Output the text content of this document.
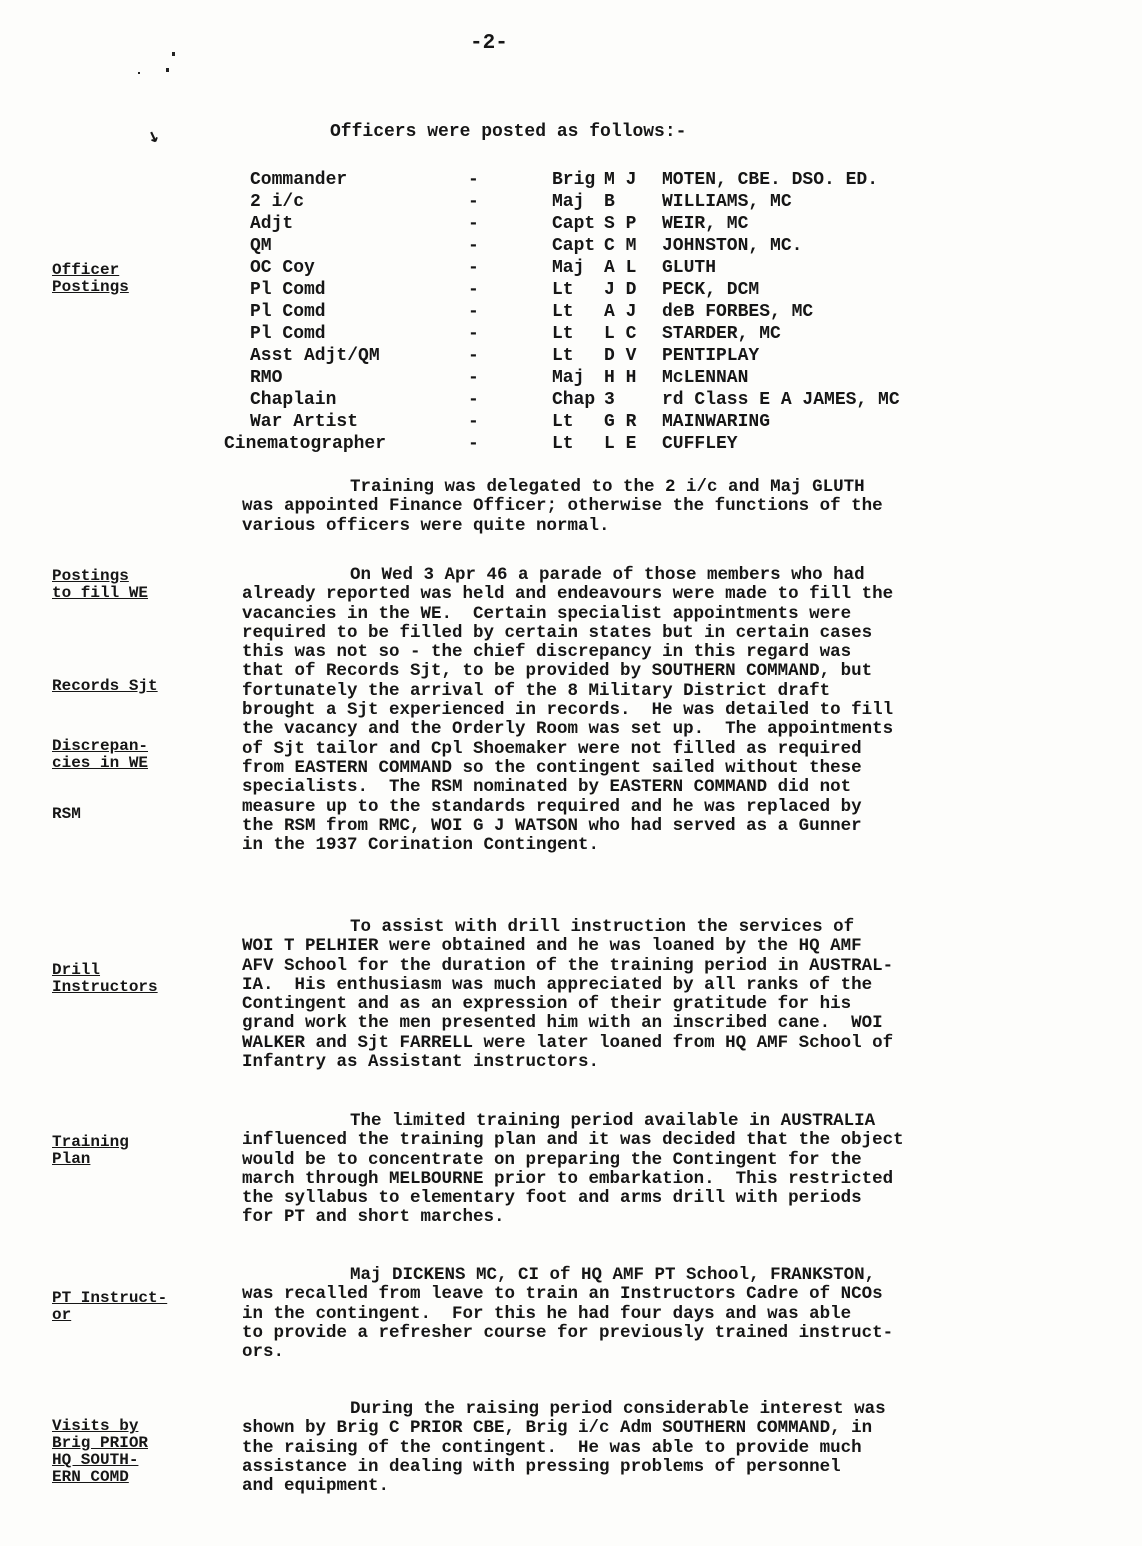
-2-
↘	Officers were posted as follows:-
Commander	-	Brig M J MOTEN, CBE. DSO. ED.
2 i/c	-	Maj B	WILLIAMS, MC
Adjt	-	Capt S P WEIR, MC
QM	-	Capt C M JOHNSTON, MC.
OC Coy	-	Maj A L GLUTH
Pl Comd	-	Lt J D PECK, DCM
Pl Comd	-	Lt A J deB FORBES, MC
Pl Comd	-	Lt L C STARDER, MC
Asst Adjt/QM	-	Lt D V PENTIPLAY
RMO	-	Maj H H McLENNAN
Chaplain	-	Chap 3	rd Class E A JAMES, MC
War Artist	-	Lt G R MAINWARING
Cinematographer	-	Lt L E CUFFLEY
Officer
Postings
Postings
to fill WE
Records Sjt
Discrepan-
cies in WE
RSM
Drill
Instructors
Training
Plan
PT Instruct-
or
Visits by
Brig PRIOR
HQ SOUTH-
ERN COMD
Training was delegated to the 2 i/c and Maj GLUTH
was appointed Finance Officer; otherwise the functions of the
various officers were quite normal.
On Wed 3 Apr 46 a parade of those members who had
already reported was held and endeavours were made to fill the
vacancies in the WE.  Certain specialist appointments were
required to be filled by certain states but in certain cases
this was not so - the chief discrepancy in this regard was
that of Records Sjt, to be provided by SOUTHERN COMMAND, but
fortunately the arrival of the 8 Military District draft
brought a Sjt experienced in records.  He was detailed to fill
the vacancy and the Orderly Room was set up.  The appointments
of Sjt tailor and Cpl Shoemaker were not filled as required
from EASTERN COMMAND so the contingent sailed without these
specialists.  The RSM nominated by EASTERN COMMAND did not
measure up to the standards required and he was replaced by
the RSM from RMC, WOI G J WATSON who had served as a Gunner
in the 1937 Corination Contingent.
To assist with drill instruction the services of
WOI T PELHIER were obtained and he was loaned by the HQ AMF
AFV School for the duration of the training period in AUSTRAL-
IA.  His enthusiasm was much appreciated by all ranks of the
Contingent and as an expression of their gratitude for his
grand work the men presented him with an inscribed cane.  WOI
WALKER and Sjt FARRELL were later loaned from HQ AMF School of
Infantry as Assistant instructors.
The limited training period available in AUSTRALIA
influenced the training plan and it was decided that the object
would be to concentrate on preparing the Contingent for the
march through MELBOURNE prior to embarkation.  This restricted
the syllabus to elementary foot and arms drill with periods
for PT and short marches.
Maj DICKENS MC, CI of HQ AMF PT School, FRANKSTON,
was recalled from leave to train an Instructors Cadre of NCOs
in the contingent.  For this he had four days and was able
to provide a refresher course for previously trained instruct-
ors.
During the raising period considerable interest was
shown by Brig C PRIOR CBE, Brig i/c Adm SOUTHERN COMMAND, in
the raising of the contingent.  He was able to provide much
assistance in dealing with pressing problems of personnel
and equipment.
